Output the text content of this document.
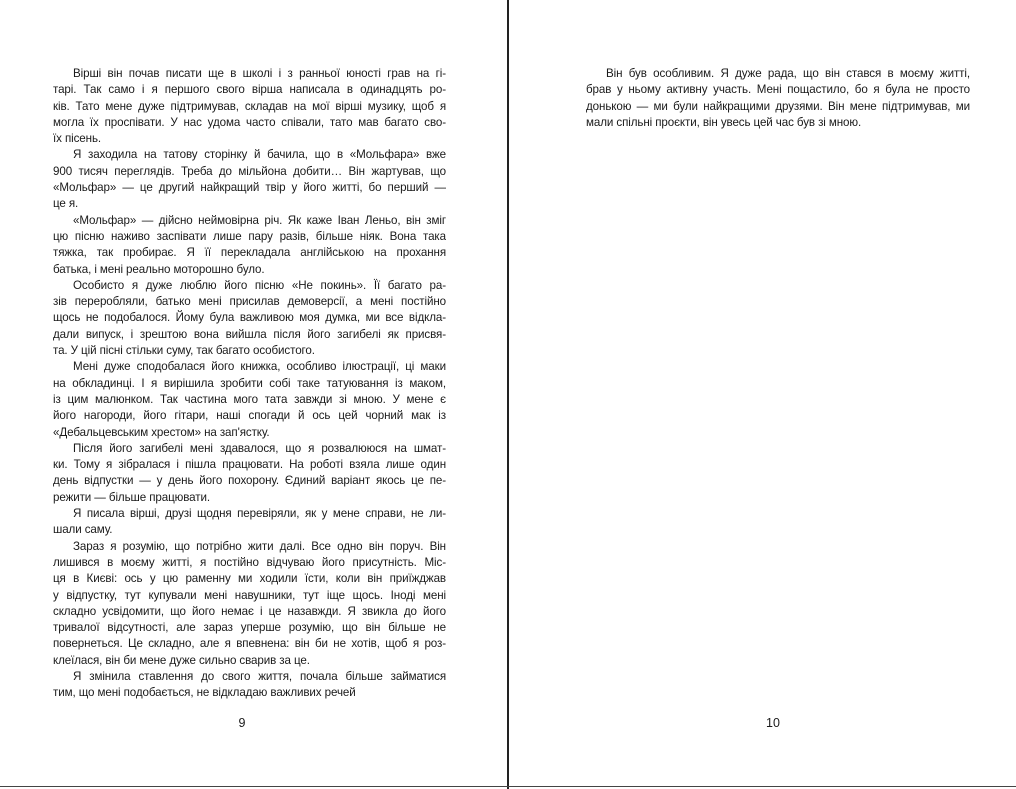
Вірші він почав писати ще в школі і з ранньої юності грав на гі-
тарі. Так само і я першого свого вірша написала в одинадцять ро-
ків. Тато мене дуже підтримував, складав на мої вірші музику, щоб я
могла їх проспівати. У нас удома часто співали, тато мав багато сво-
їх пісень.
Я заходила на татову сторінку й бачила, що в «Мольфара» вже
900 тисяч переглядів. Треба до мільйона добити… Він жартував, що
«Мольфар» — це другий найкращий твір у його житті, бо перший —
це я.
«Мольфар» — дійсно неймовірна річ. Як каже Іван Леньо, він зміг
цю пісню наживо заспівати лише пару разів, більше ніяк. Вона така
тяжка, так пробирає. Я її перекладала англійською на прохання
батька, і мені реально моторошно було.
Особисто я дуже люблю його пісню «Не покинь». Її багато ра-
зів переробляли, батько мені присилав демоверсії, а мені постійно
щось не подобалося. Йому була важливою моя думка, ми все відкла-
дали випуск, і зрештою вона вийшла після його загибелі як присвя-
та. У цій пісні стільки суму, так багато особистого.
Мені дуже сподобалася його книжка, особливо ілюстрації, ці маки
на обкладинці. І я вирішила зробити собі таке татуювання із маком,
із цим малюнком. Так частина мого тата завжди зі мною. У мене є
його нагороди, його гітари, наші спогади й ось цей чорний мак із
«Дебальцевським хрестом» на зап'ястку.
Після його загибелі мені здавалося, що я розвалююся на шмат-
ки. Тому я зібралася і пішла працювати. На роботі взяла лише один
день відпустки — у день його похорону. Єдиний варіант якось це пе-
режити — більше працювати.
Я писала вірші, друзі щодня перевіряли, як у мене справи, не ли-
шали саму.
Зараз я розумію, що потрібно жити далі. Все одно він поруч. Він
лишився в моєму житті, я постійно відчуваю його присутність. Міс-
ця в Києві: ось у цю раменну ми ходили їсти, коли він приїжджав
у відпустку, тут купували мені навушники, тут іще щось. Іноді мені
складно усвідомити, що його немає і це назавжди. Я звикла до його
тривалої відсутності, але зараз уперше розумію, що він більше не
повернеться. Це складно, але я впевнена: він би не хотів, щоб я роз-
клеїлася, він би мене дуже сильно сварив за це.
Я змінила ставлення до свого життя, почала більше займатися
тим, що мені подобається, не відкладаю важливих речей
9
Він був особливим. Я дуже рада, що він стався в моєму житті,
брав у ньому активну участь. Мені пощастило, бо я була не просто
донькою — ми були найкращими друзями. Він мене підтримував, ми
мали спільні проєкти, він увесь цей час був зі мною.
10
